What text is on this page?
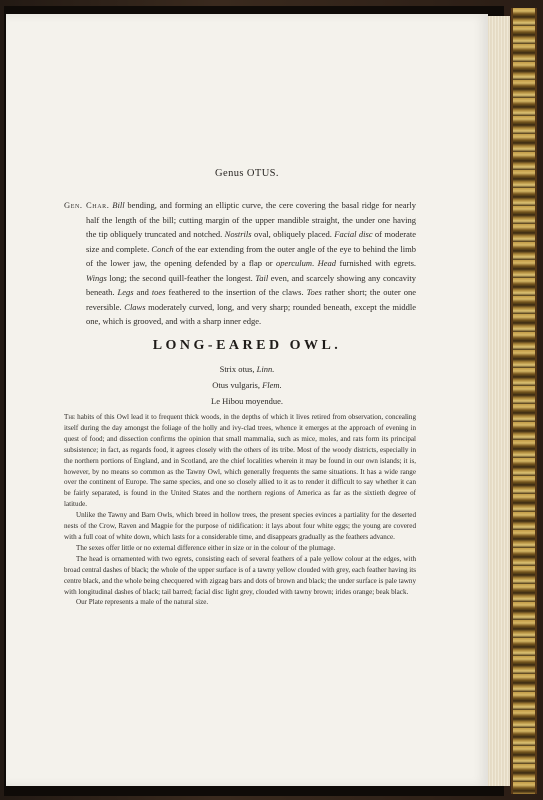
Genus OTUS.
Gen. Char. Bill bending, and forming an elliptic curve, the cere covering the basal ridge for nearly half the length of the bill; cutting margin of the upper mandible straight, the under one having the tip obliquely truncated and notched. Nostrils oval, obliquely placed. Facial disc of moderate size and complete. Conch of the ear extending from the outer angle of the eye to behind the limb of the lower jaw, the opening defended by a flap or operculum. Head furnished with egrets. Wings long; the second quill-feather the longest. Tail even, and scarcely showing any concavity beneath. Legs and toes feathered to the insertion of the claws. Toes rather short; the outer one reversible. Claws moderately curved, long, and very sharp; rounded beneath, except the middle one, which is grooved, and with a sharp inner edge.
LONG-EARED OWL.
Strix otus, Linn.
Otus vulgaris, Flem.
Le Hibou moyendue.

The habits of this Owl lead it to frequent thick woods, in the depths of which it lives retired from observation, concealing itself during the day amongst the foliage of the holly and ivy-clad trees, whence it emerges at the approach of evening in quest of food; and dissection confirms the opinion that small mammalia, such as mice, moles, and rats form its principal subsistence; in fact, as regards food, it agrees closely with the others of its tribe. Most of the woody districts, especially in the northern portions of England, and in Scotland, are the chief localities wherein it may be found in our own islands; it is, however, by no means so common as the Tawny Owl, which generally frequents the same situations. It has a wide range over the continent of Europe. The same species, and one so closely allied to it as to render it difficult to say whether it can be fairly separated, is found in the United States and the northern regions of America as far as the sixtieth degree of latitude.

Unlike the Tawny and Barn Owls, which breed in hollow trees, the present species evinces a partiality for the deserted nests of the Crow, Raven and Magpie for the purpose of nidification: it lays about four white eggs; the young are covered with a full coat of white down, which lasts for a considerable time, and disappears gradually as the feathers advance.

The sexes offer little or no external difference either in size or in the colour of the plumage.

The head is ornamented with two egrets, consisting each of several feathers of a pale yellow colour at the edges, with broad central dashes of black; the whole of the upper surface is of a tawny yellow clouded with grey, each feather having its centre black, and the whole being checquered with zigzag bars and dots of brown and black; the under surface is pale tawny with longitudinal dashes of black; tail barred; facial disc light grey, clouded with tawny brown; irides orange; beak black.

Our Plate represents a male of the natural size.
